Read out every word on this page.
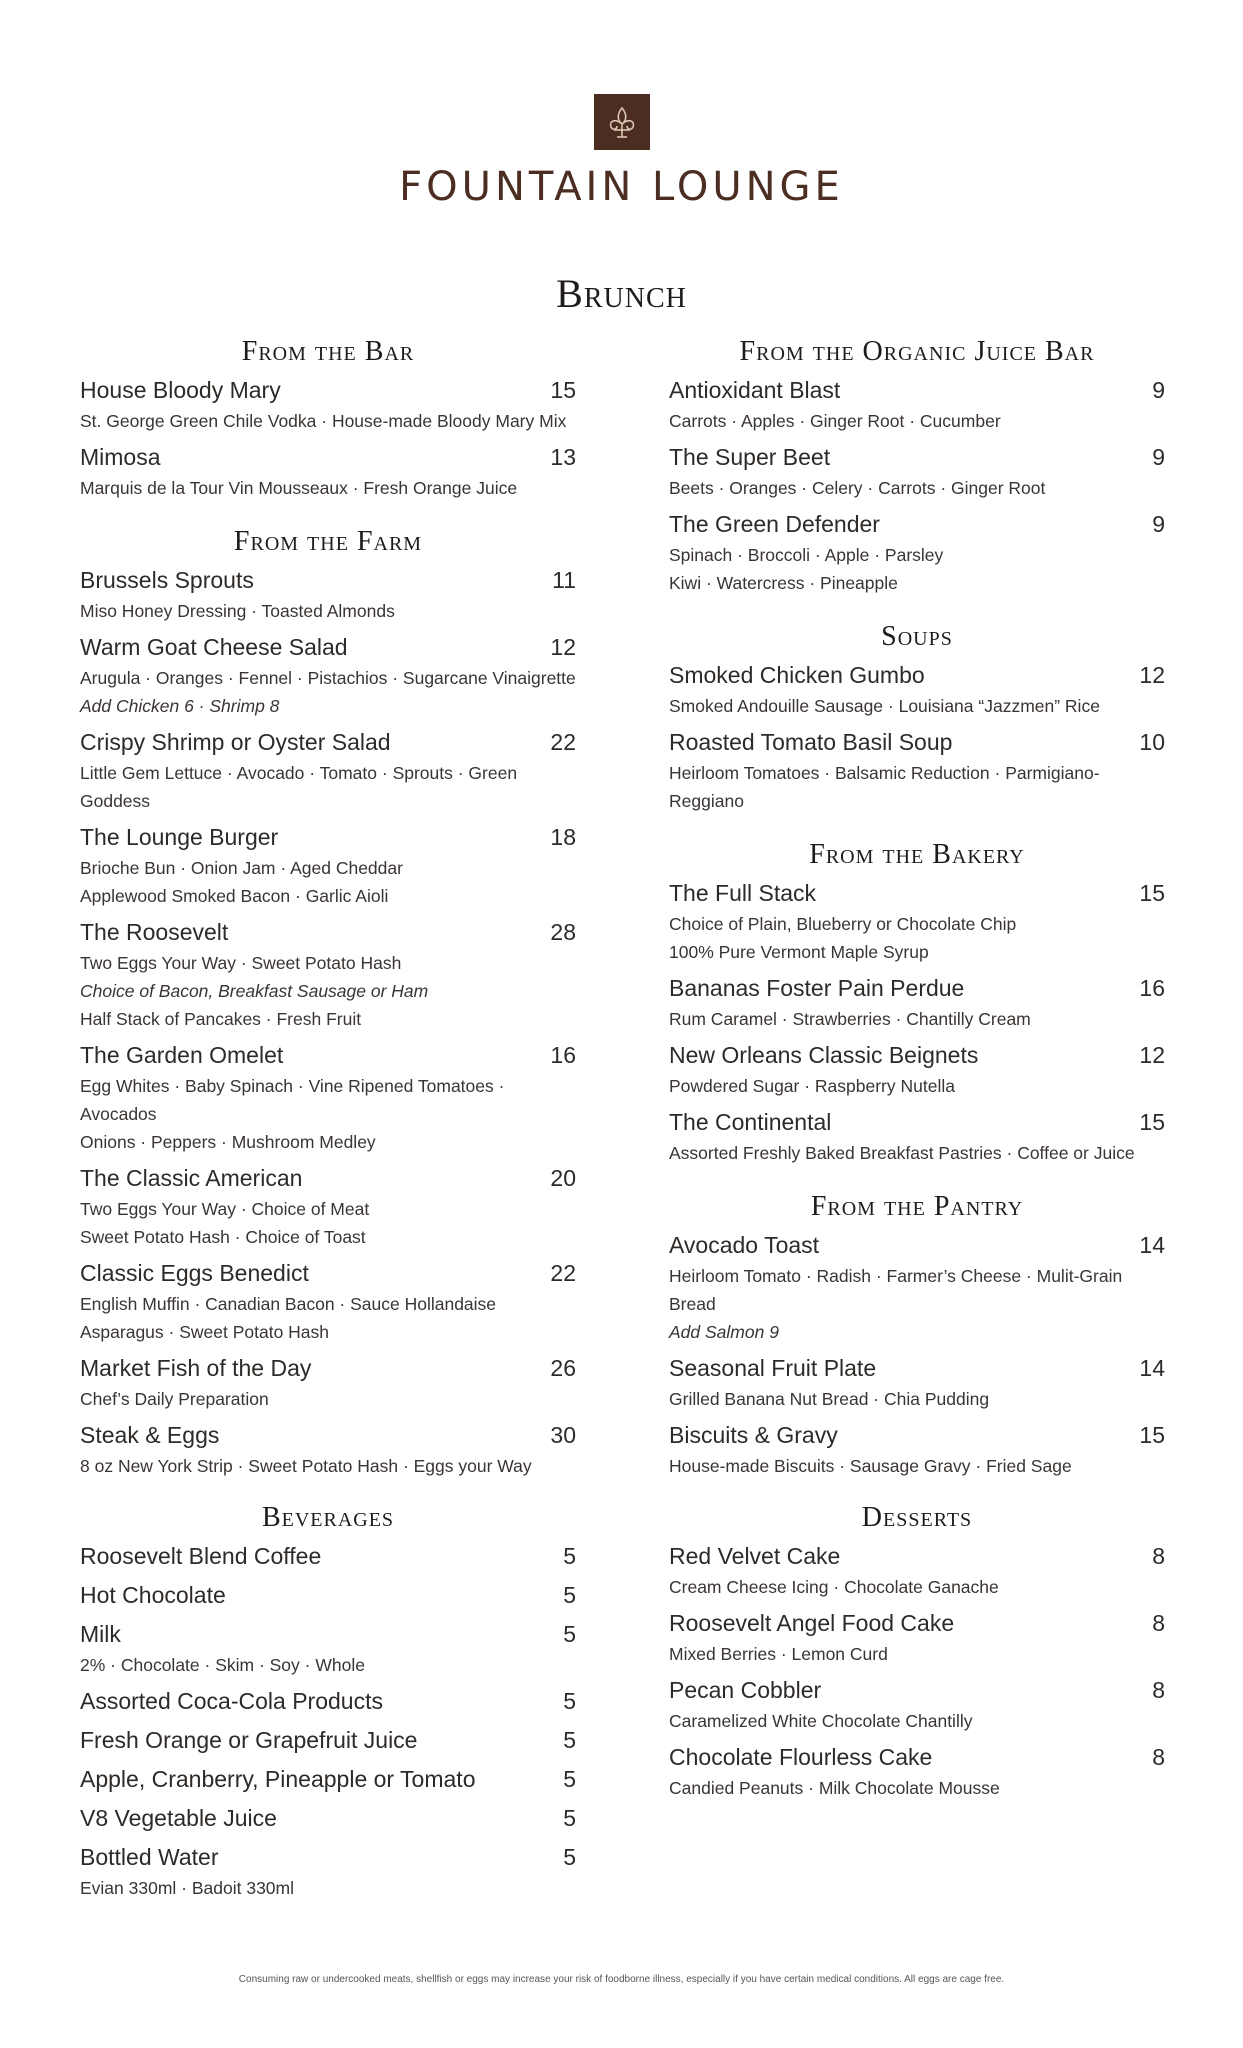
FOUNTAIN LOUNGE
Brunch
From the Bar
House Bloody Mary	15
St. George Green Chile Vodka · House-made Bloody Mary Mix
Mimosa	13
Marquis de la Tour Vin Mousseaux · Fresh Orange Juice
From the Farm
Brussels Sprouts	11
Miso Honey Dressing · Toasted Almonds
Warm Goat Cheese Salad	12
Arugula · Oranges · Fennel · Pistachios · Sugarcane Vinaigrette
Add Chicken 6 · Shrimp 8
Crispy Shrimp or Oyster Salad	22
Little Gem Lettuce · Avocado · Tomato · Sprouts · Green Goddess
The Lounge Burger	18
Brioche Bun · Onion Jam · Aged Cheddar
Applewood Smoked Bacon · Garlic Aioli
The Roosevelt	28
Two Eggs Your Way · Sweet Potato Hash
Choice of Bacon, Breakfast Sausage or Ham
Half Stack of Pancakes · Fresh Fruit
The Garden Omelet	16
Egg Whites · Baby Spinach · Vine Ripened Tomatoes · Avocados
Onions · Peppers · Mushroom Medley
The Classic American	20
Two Eggs Your Way · Choice of Meat
Sweet Potato Hash · Choice of Toast
Classic Eggs Benedict	22
English Muffin · Canadian Bacon · Sauce Hollandaise
Asparagus · Sweet Potato Hash
Market Fish of the Day	26
Chef’s Daily Preparation
Steak & Eggs	30
8 oz New York Strip · Sweet Potato Hash · Eggs your Way
From the Organic Juice Bar
Antioxidant Blast	9
Carrots · Apples · Ginger Root · Cucumber
The Super Beet	9
Beets · Oranges · Celery · Carrots · Ginger Root
The Green Defender	9
Spinach · Broccoli · Apple · Parsley
Kiwi · Watercress · Pineapple
Soups
Smoked Chicken Gumbo	12
Smoked Andouille Sausage · Louisiana “Jazzmen” Rice
Roasted Tomato Basil Soup	10
Heirloom Tomatoes · Balsamic Reduction · Parmigiano-Reggiano
From the Bakery
The Full Stack	15
Choice of Plain, Blueberry or Chocolate Chip
100% Pure Vermont Maple Syrup
Bananas Foster Pain Perdue	16
Rum Caramel · Strawberries · Chantilly Cream
New Orleans Classic Beignets	12
Powdered Sugar · Raspberry Nutella
The Continental	15
Assorted Freshly Baked Breakfast Pastries · Coffee or Juice
From the Pantry
Avocado Toast	14
Heirloom Tomato · Radish · Farmer’s Cheese · Mulit-Grain Bread
Add Salmon 9
Seasonal Fruit Plate	14
Grilled Banana Nut Bread · Chia Pudding
Biscuits & Gravy	15
House-made Biscuits · Sausage Gravy · Fried Sage
Beverages
Roosevelt Blend Coffee	5
Hot Chocolate	5
Milk	5
2% · Chocolate · Skim · Soy · Whole
Assorted Coca-Cola Products	5
Fresh Orange or Grapefruit Juice	5
Apple, Cranberry, Pineapple or Tomato	5
V8 Vegetable Juice	5
Bottled Water	5
Evian 330ml · Badoit 330ml
Desserts
Red Velvet Cake	8
Cream Cheese Icing · Chocolate Ganache
Roosevelt Angel Food Cake	8
Mixed Berries · Lemon Curd
Pecan Cobbler	8
Caramelized White Chocolate Chantilly
Chocolate Flourless Cake	8
Candied Peanuts · Milk Chocolate Mousse
Consuming raw or undercooked meats, shellfish or eggs may increase your risk of foodborne illness, especially if you have certain medical conditions. All eggs are cage free.
